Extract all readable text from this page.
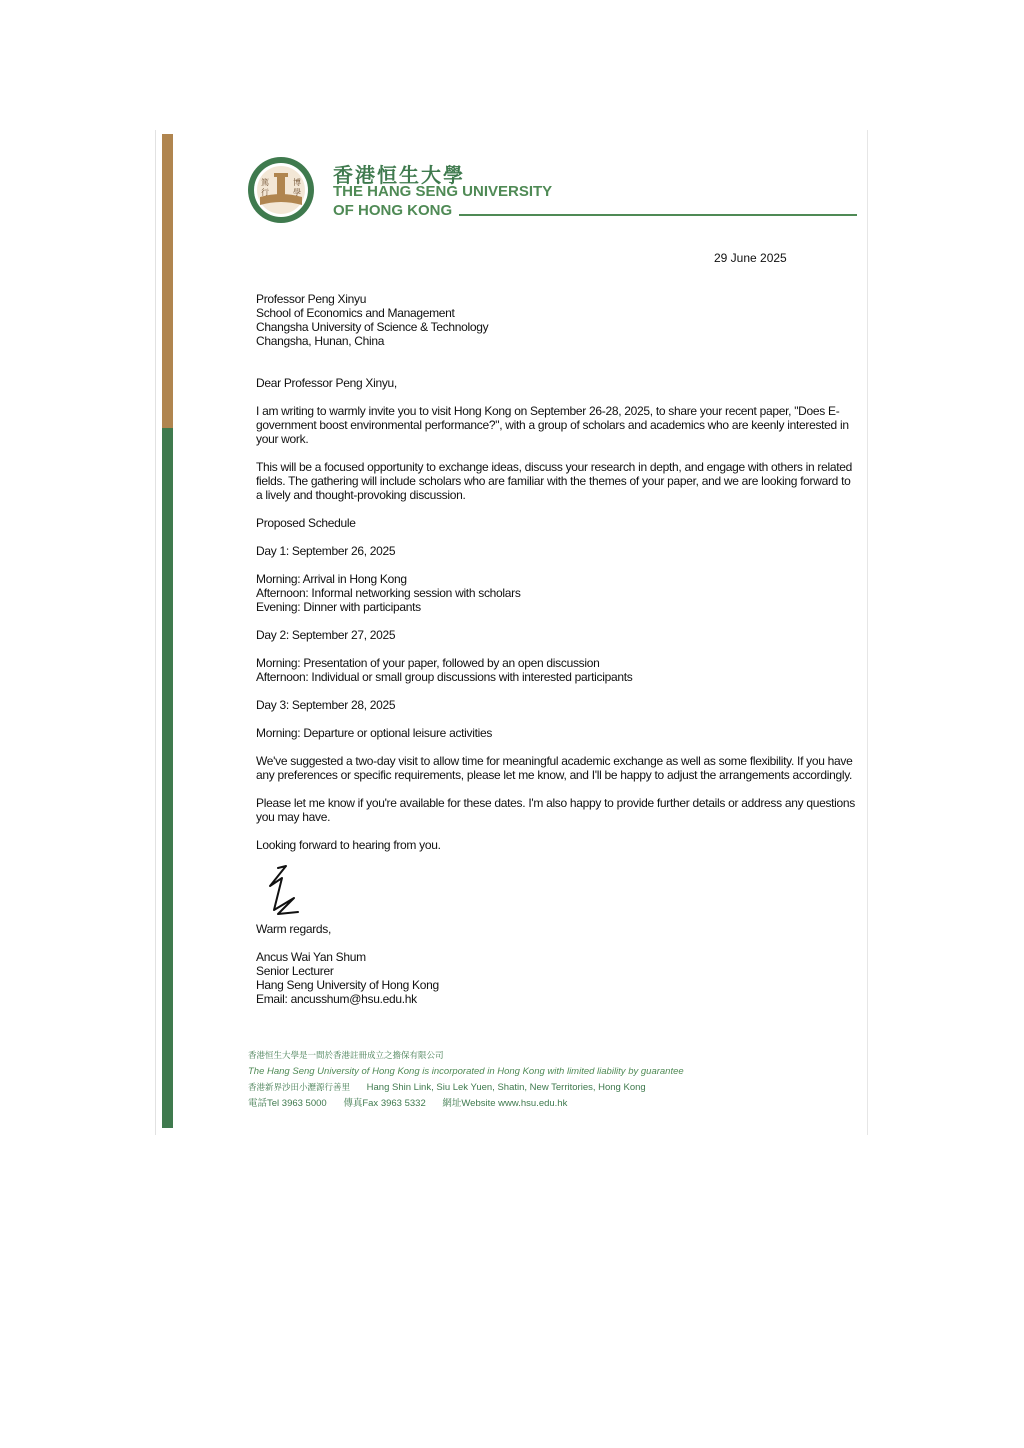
篤
行
博
學
香港恒生大學
THE HANG SENG UNIVERSITY
OF HONG KONG
29 June 2025

Professor Peng Xinyu

School of Economics and Management

Changsha University of Science & Technology

Changsha, Hunan, China

Dear Professor Peng Xinyu,

I am writing to warmly invite you to visit Hong Kong on September 26-28, 2025, to share your recent paper, "Does E-government boost environmental performance?", with a group of scholars and academics who are keenly interested in your work.

This will be a focused opportunity to exchange ideas, discuss your research in depth, and engage with others in related fields. The gathering will include scholars who are familiar with the themes of your paper, and we are looking forward to a lively and thought-provoking discussion.

Proposed Schedule

Day 1: September 26, 2025

Morning: Arrival in Hong Kong

Afternoon: Informal networking session with scholars

Evening: Dinner with participants

Day 2: September 27, 2025

Morning: Presentation of your paper, followed by an open discussion

Afternoon: Individual or small group discussions with interested participants

Day 3: September 28, 2025

Morning: Departure or optional leisure activities

We've suggested a two-day visit to allow time for meaningful academic exchange as well as some flexibility. If you have any preferences or specific requirements, please let me know, and I'll be happy to adjust the arrangements accordingly.

Please let me know if you're available for these dates. I'm also happy to provide further details or address any questions you may have.

Looking forward to hearing from you.

Warm regards,

Ancus Wai Yan Shum

Senior Lecturer

Hang Seng University of Hong Kong

Email: ancusshum@hsu.edu.hk

香港恒生大學是一間於香港註冊成立之擔保有限公司
The Hang Seng University of Hong Kong is incorporated in Hong Kong with limited liability by guarantee
香港新界沙田小瀝源行善里 Hang Shin Link, Siu Lek Yuen, Shatin, New Territories, Hong Kong
電話Tel 3963 5000 傳真Fax 3963 5332 網址Website www.hsu.edu.hk
